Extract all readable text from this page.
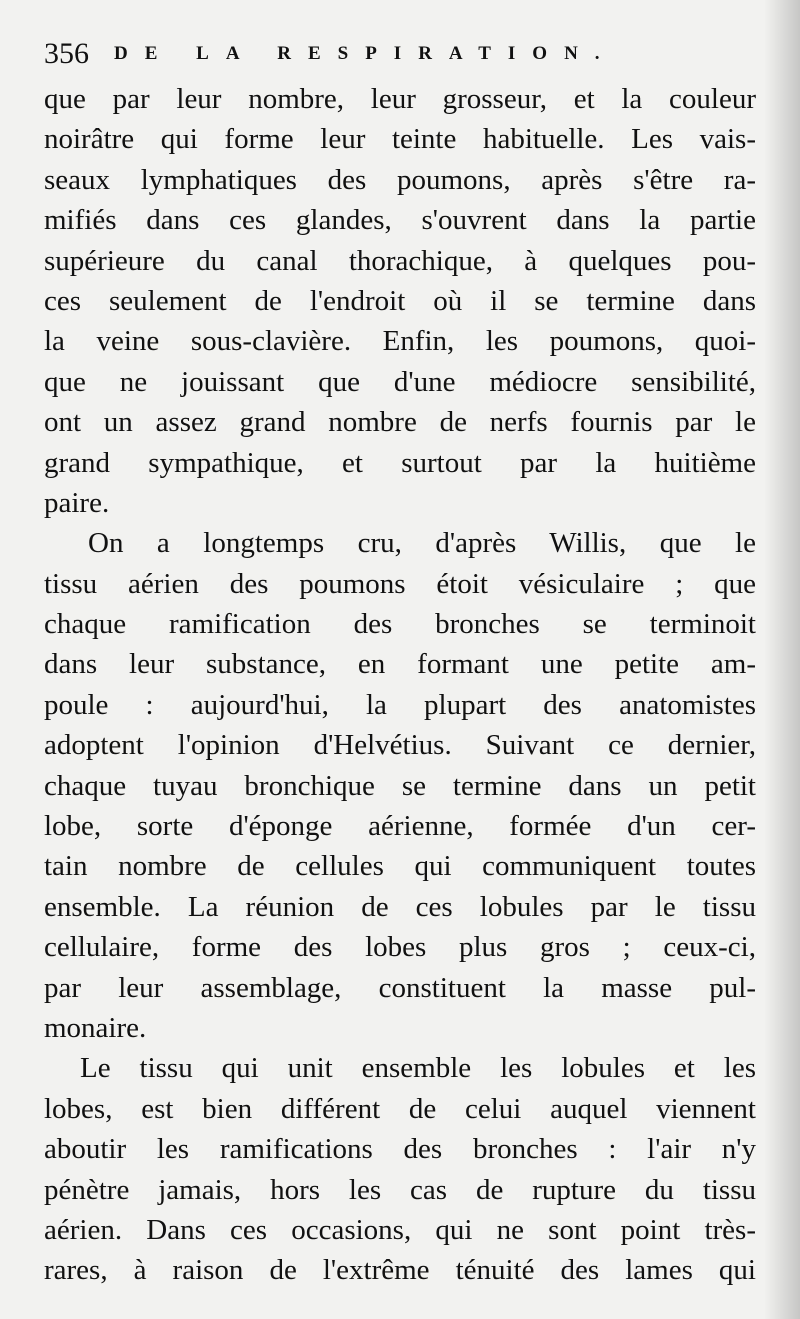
356 DE LA RESPIRATION.
que par leur nombre, leur grosseur, et la couleur
noirâtre qui forme leur teinte habituelle. Les vais-
seaux lymphatiques des poumons, après s'être ra-
mifiés dans ces glandes, s'ouvrent dans la partie
supérieure du canal thorachique, à quelques pou-
ces seulement de l'endroit où il se termine dans
la veine sous-clavière. Enfin, les poumons, quoi-
que ne jouissant que d'une médiocre sensibilité,
ont un assez grand nombre de nerfs fournis par le
grand sympathique, et surtout par la huitième
paire.
On a longtemps cru, d'après Willis, que le
tissu aérien des poumons étoit vésiculaire ; que
chaque ramification des bronches se terminoit
dans leur substance, en formant une petite am-
poule : aujourd'hui, la plupart des anatomistes
adoptent l'opinion d'Helvétius. Suivant ce dernier,
chaque tuyau bronchique se termine dans un petit
lobe, sorte d'éponge aérienne, formée d'un cer-
tain nombre de cellules qui communiquent toutes
ensemble. La réunion de ces lobules par le tissu
cellulaire, forme des lobes plus gros ; ceux-ci,
par leur assemblage, constituent la masse pul-
monaire.
Le tissu qui unit ensemble les lobules et les
lobes, est bien différent de celui auquel viennent
aboutir les ramifications des bronches : l'air n'y
pénètre jamais, hors les cas de rupture du tissu
aérien. Dans ces occasions, qui ne sont point très-
rares, à raison de l'extrême ténuité des lames qui
